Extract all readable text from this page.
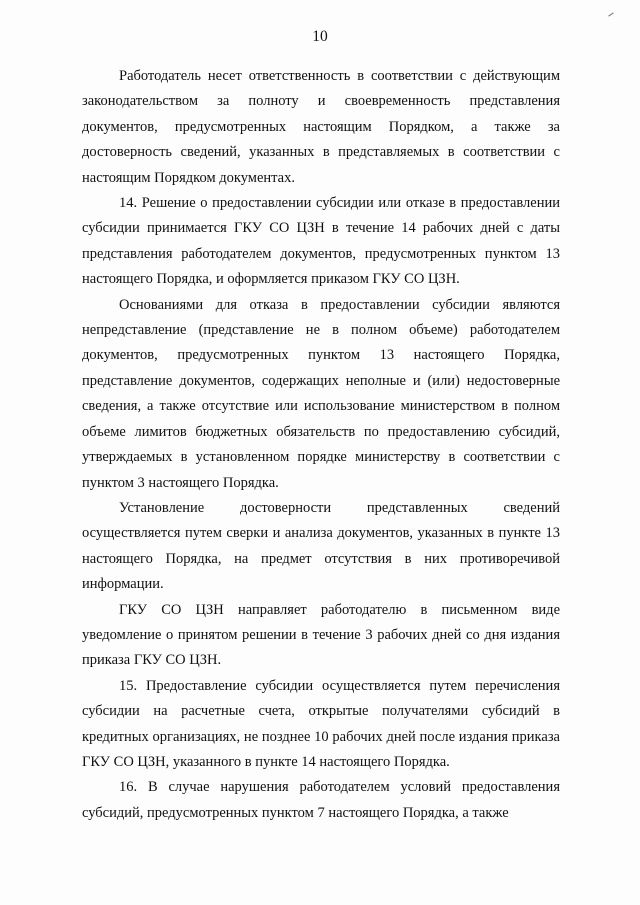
10

Работодатель несет ответственность в соответствии с действующим законодательством за полноту и своевременность представления документов, предусмотренных настоящим Порядком, а также за достоверность сведений, указанных в представляемых в соответствии с настоящим Порядком документах.

14. Решение о предоставлении субсидии или отказе в предоставлении субсидии принимается ГКУ СО ЦЗН в течение 14 рабочих дней с даты представления работодателем документов, предусмотренных пунктом 13 настоящего Порядка, и оформляется приказом ГКУ СО ЦЗН.

Основаниями для отказа в предоставлении субсидии являются непредставление (представление не в полном объеме) работодателем документов, предусмотренных пунктом 13 настоящего Порядка, представление документов, содержащих неполные и (или) недостоверные сведения, а также отсутствие или использование министерством в полном объеме лимитов бюджетных обязательств по предоставлению субсидий, утверждаемых в установленном порядке министерству в соответствии с пунктом 3 настоящего Порядка.

Установление достоверности представленных сведений осуществляется путем сверки и анализа документов, указанных в пункте 13 настоящего Порядка, на предмет отсутствия в них противоречивой информации.

ГКУ СО ЦЗН направляет работодателю в письменном виде уведомление о принятом решении в течение 3 рабочих дней со дня издания приказа ГКУ СО ЦЗН.

15. Предоставление субсидии осуществляется путем перечисления субсидии на расчетные счета, открытые получателями субсидий в кредитных организациях, не позднее 10 рабочих дней после издания приказа ГКУ СО ЦЗН, указанного в пункте 14 настоящего Порядка.

16. В случае нарушения работодателем условий предоставления субсидий, предусмотренных пунктом 7 настоящего Порядка, а также
